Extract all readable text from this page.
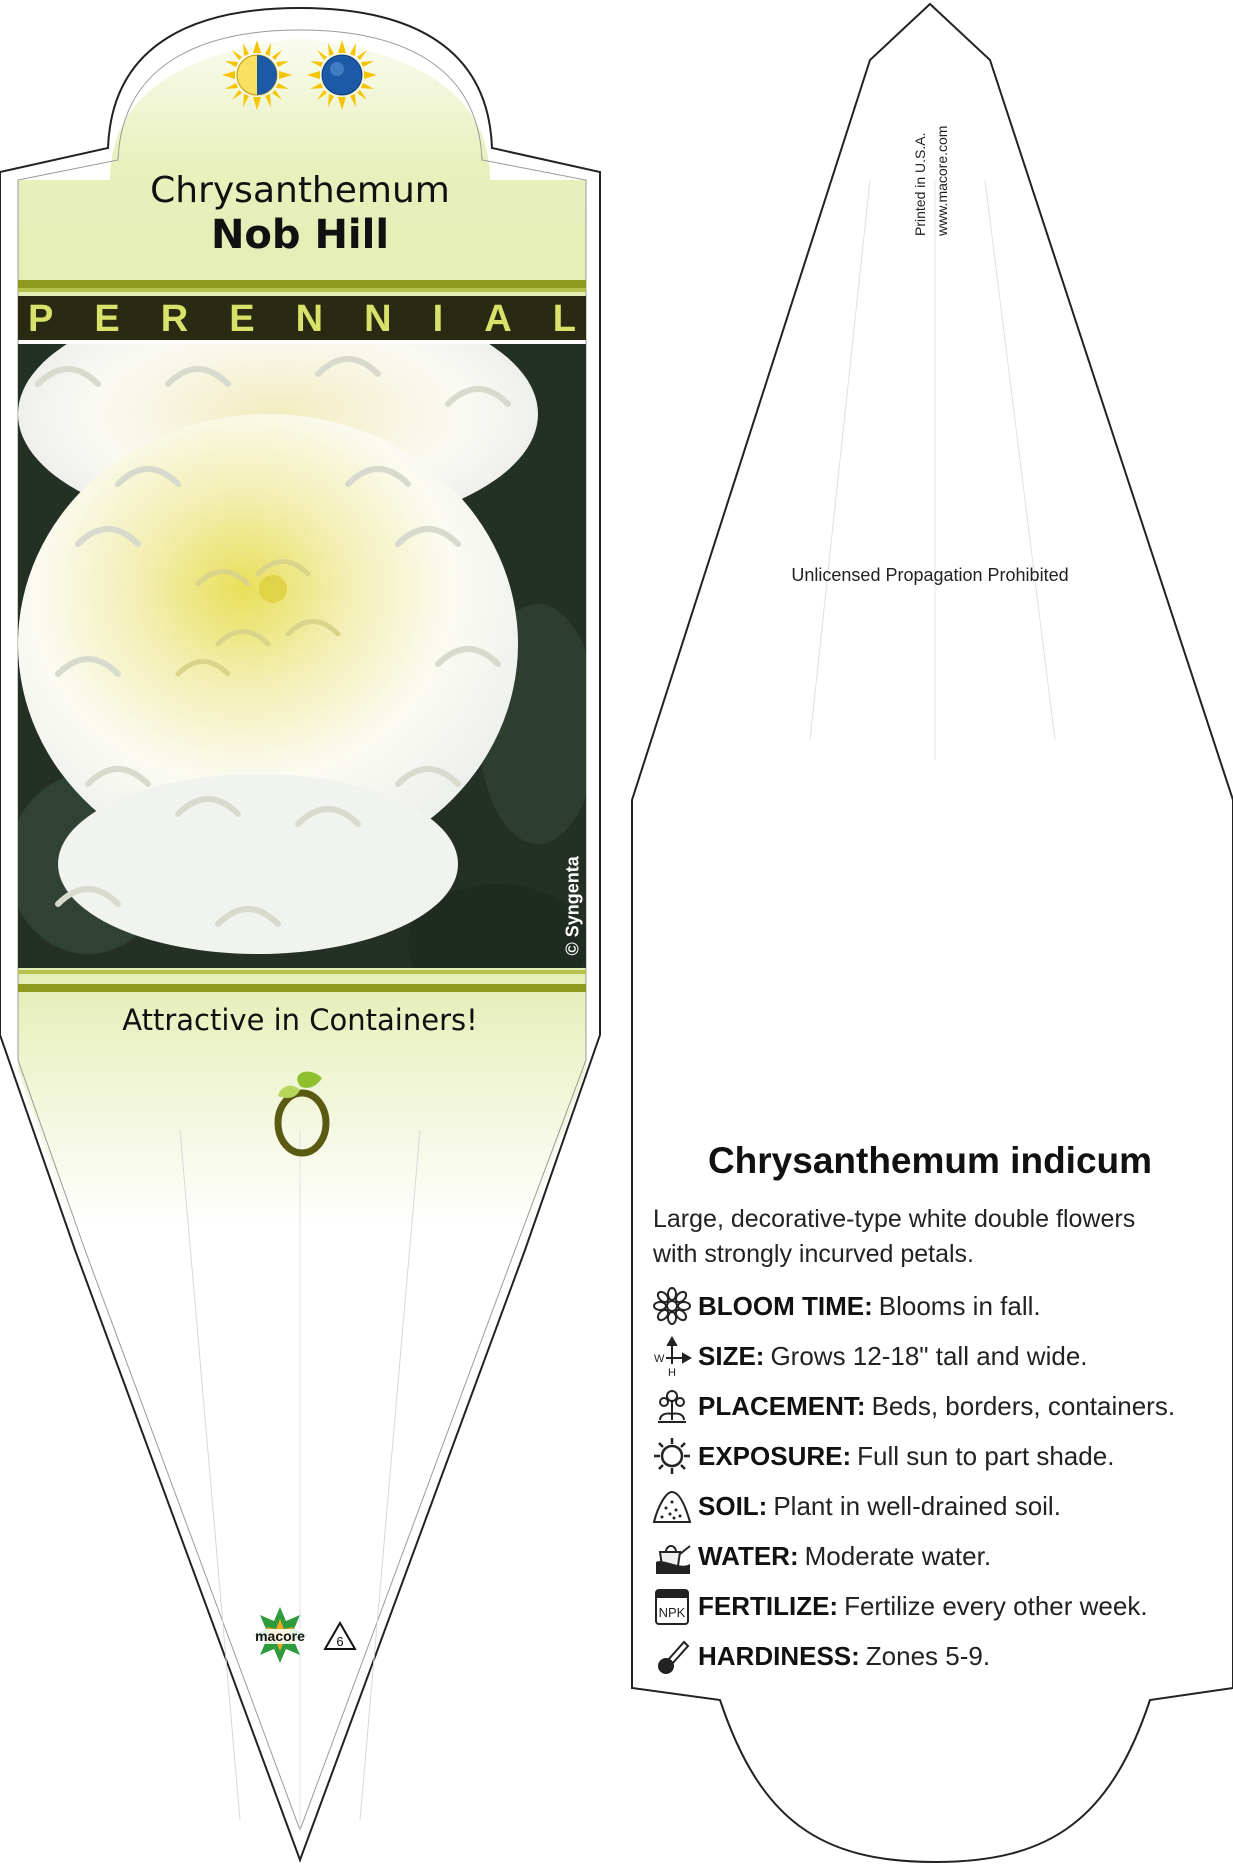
Chrysanthemum
Nob Hill
P E R E N N I A L
© Syngenta
Attractive in Containers!
macore 6
Printed in U.S.A. www.macore.com
Unlicensed Propagation Prohibited
Chrysanthemum indicum
Large, decorative-type white double flowers with strongly incurved petals.
BLOOM TIME: Blooms in fall.
W
H
SIZE: Grows 12-18" tall and wide.
PLACEMENT: Beds, borders, containers.
EXPOSURE: Full sun to part shade.
SOIL: Plant in well-drained soil.
WATER: Moderate water.
NPK FERTILIZE: Fertilize every other week.
HARDINESS: Zones 5-9.
